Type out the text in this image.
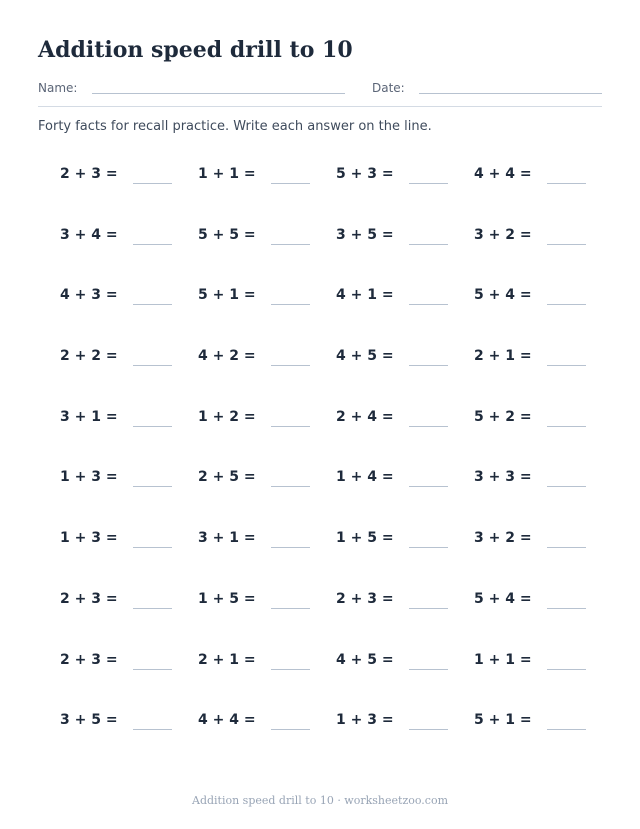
Addition speed drill to 10
Name:	Date:

Forty facts for recall practice. Write each answer on the line.

2 + 3 =	1 + 1 =	5 + 3 =	4 + 4 =
3 + 4 =	5 + 5 =	3 + 5 =	3 + 2 =
4 + 3 =	5 + 1 =	4 + 1 =	5 + 4 =
2 + 2 =	4 + 2 =	4 + 5 =	2 + 1 =
3 + 1 =	1 + 2 =	2 + 4 =	5 + 2 =
1 + 3 =	2 + 5 =	1 + 4 =	3 + 3 =
1 + 3 =	3 + 1 =	1 + 5 =	3 + 2 =
2 + 3 =	1 + 5 =	2 + 3 =	5 + 4 =
2 + 3 =	2 + 1 =	4 + 5 =	1 + 1 =
3 + 5 =	4 + 4 =	1 + 3 =	5 + 1 =
Addition speed drill to 10 · worksheetzoo.com
